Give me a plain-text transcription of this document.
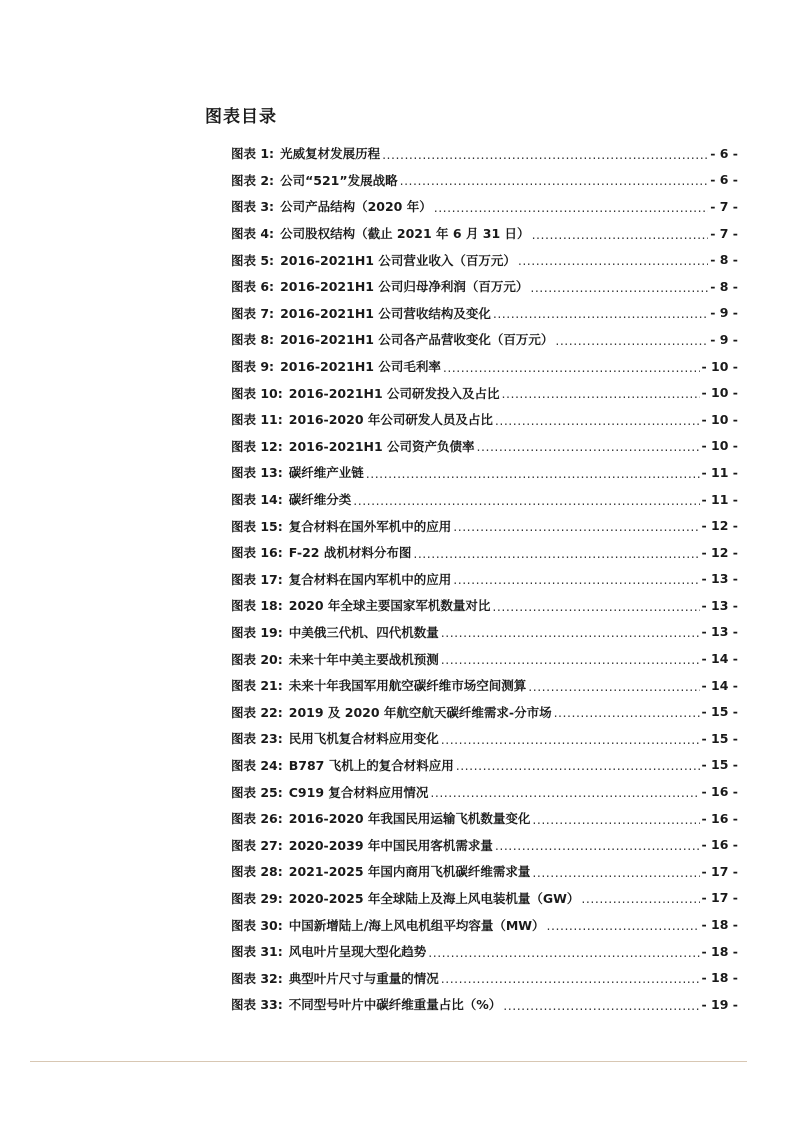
图表目录
图表 1: 光威复材发展历程 .....	- 6 -
图表 2: 公司“521”发展战略 .....	- 6 -
图表 3: 公司产品结构（2020 年） .....	- 7 -
图表 4: 公司股权结构（截止 2021 年 6 月 31 日） .....	- 7 -
图表 5: 2016-2021H1 公司营业收入（百万元） .....	- 8 -
图表 6: 2016-2021H1 公司归母净利润（百万元） .....	- 8 -
图表 7: 2016-2021H1 公司营收结构及变化 .....	- 9 -
图表 8: 2016-2021H1 公司各产品营收变化（百万元） .....	- 9 -
图表 9: 2016-2021H1 公司毛利率 .....	- 10 -
图表 10: 2016-2021H1 公司研发投入及占比 .....	- 10 -
图表 11: 2016-2020 年公司研发人员及占比 .....	- 10 -
图表 12: 2016-2021H1 公司资产负债率 .....	- 10 -
图表 13: 碳纤维产业链 .....	- 11 -
图表 14: 碳纤维分类 .....	- 11 -
图表 15: 复合材料在国外军机中的应用 .....	- 12 -
图表 16: F-22 战机材料分布图 .....	- 12 -
图表 17: 复合材料在国内军机中的应用 .....	- 13 -
图表 18: 2020 年全球主要国家军机数量对比 .....	- 13 -
图表 19: 中美俄三代机、四代机数量 .....	- 13 -
图表 20: 未来十年中美主要战机预测 .....	- 14 -
图表 21: 未来十年我国军用航空碳纤维市场空间测算 .....	- 14 -
图表 22: 2019 及 2020 年航空航天碳纤维需求-分市场 .....	- 15 -
图表 23: 民用飞机复合材料应用变化 .....	- 15 -
图表 24: B787 飞机上的复合材料应用 .....	- 15 -
图表 25: C919 复合材料应用情况 .....	- 16 -
图表 26: 2016-2020 年我国民用运输飞机数量变化 .....	- 16 -
图表 27: 2020-2039 年中国民用客机需求量 .....	- 16 -
图表 28: 2021-2025 年国内商用飞机碳纤维需求量 .....	- 17 -
图表 29: 2020-2025 年全球陆上及海上风电装机量（GW） .....	- 17 -
图表 30: 中国新增陆上/海上风电机组平均容量（MW） .....	- 18 -
图表 31: 风电叶片呈现大型化趋势 .....	- 18 -
图表 32: 典型叶片尺寸与重量的情况 .....	- 18 -
图表 33: 不同型号叶片中碳纤维重量占比（%） .....	- 19 -
